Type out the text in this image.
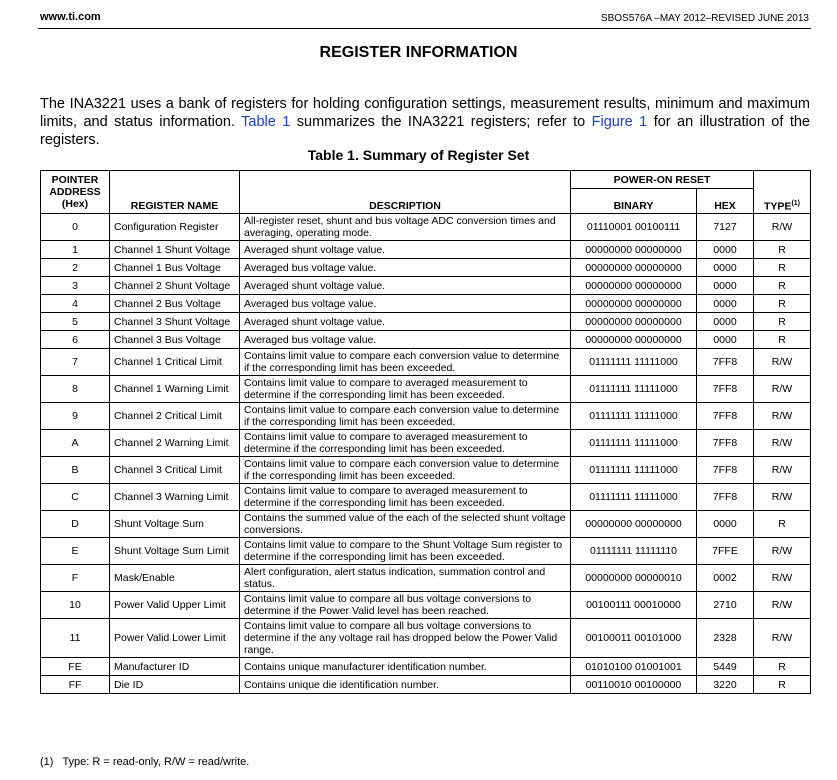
www.ti.com	SBOS576A –MAY 2012–REVISED JUNE 2013
REGISTER INFORMATION

The INA3221 uses a bank of registers for holding configuration settings, measurement results, minimum and maximum limits, and status information. Table 1 summarizes the INA3221 registers; refer to Figure 1 for an illustration of the registers.

Table 1. Summary of Register Set
POINTER ADDRESS (Hex)	REGISTER NAME	DESCRIPTION	POWER-ON RESET		TYPE$^{(1)}$
			BINARY	HEX	
0	Configuration Register	All-register reset, shunt and bus voltage ADC conversion times and averaging, operating mode.	01110001 00100111	7127	R/W
1	Channel 1 Shunt Voltage	Averaged shunt voltage value.	00000000 00000000	0000	R
2	Channel 1 Bus Voltage	Averaged bus voltage value.	00000000 00000000	0000	R
3	Channel 2 Shunt Voltage	Averaged shunt voltage value.	00000000 00000000	0000	R
4	Channel 2 Bus Voltage	Averaged bus voltage value.	00000000 00000000	0000	R
5	Channel 3 Shunt Voltage	Averaged shunt voltage value.	00000000 00000000	0000	R
6	Channel 3 Bus Voltage	Averaged bus voltage value.	00000000 00000000	0000	R
7	Channel 1 Critical Limit	Contains limit value to compare each conversion value to determine if the corresponding limit has been exceeded.	01111111 11111000	7FF8	R/W
8	Channel 1 Warning Limit	Contains limit value to compare to averaged measurement to determine if the corresponding limit has been exceeded.	01111111 11111000	7FF8	R/W
9	Channel 2 Critical Limit	Contains limit value to compare each conversion value to determine if the corresponding limit has been exceeded.	01111111 11111000	7FF8	R/W
A	Channel 2 Warning Limit	Contains limit value to compare to averaged measurement to determine if the corresponding limit has been exceeded.	01111111 11111000	7FF8	R/W
B	Channel 3 Critical Limit	Contains limit value to compare each conversion value to determine if the corresponding limit has been exceeded.	01111111 11111000	7FF8	R/W
C	Channel 3 Warning Limit	Contains limit value to compare to averaged measurement to determine if the corresponding limit has been exceeded.	01111111 11111000	7FF8	R/W
D	Shunt Voltage Sum	Contains the summed value of the each of the selected shunt voltage conversions.	00000000 00000000	0000	R
E	Shunt Voltage Sum Limit	Contains limit value to compare to the Shunt Voltage Sum register to determine if the corresponding limit has been exceeded.	01111111 11111110	7FFE	R/W
F	Mask/Enable	Alert configuration, alert status indication, summation control and status.	00000000 00000010	0002	R/W
10	Power Valid Upper Limit	Contains limit value to compare all bus voltage conversions to determine if the Power Valid level has been reached.	00100111 00010000	2710	R/W
11	Power Valid Lower Limit	Contains limit value to compare all bus voltage conversions to determine if the any voltage rail has dropped below the Power Valid range.	00100011 00101000	2328	R/W
FE	Manufacturer ID	Contains unique manufacturer identification number.	01010100 01001001	5449	R
FF	Die ID	Contains unique die identification number.	00110010 00100000	3220	R
(1) Type: R = read-only, R/W = read/write.
